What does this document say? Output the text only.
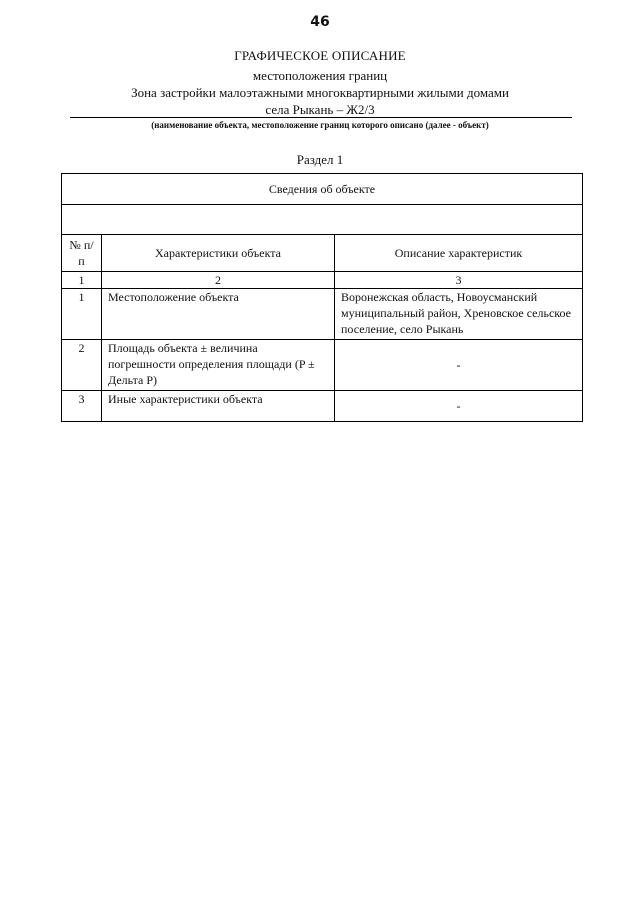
46

ГРАФИЧЕСКОЕ ОПИСАНИЕ

местоположения границ

Зона застройки малоэтажными многоквартирными жилыми домами

села Рыкань – Ж2/3

(наименование объекта, местоположение границ которого описано (далее - объект)
Раздел 1
Сведения об объекте		

№ п/п	Характеристики объекта	Описание характеристик
1	2	3
1	Местоположение объекта	Воронежская область, Новоусманский муниципальный район, Хреновское сельское поселение, село Рыкань
2	Площадь объекта ± величина погрешности определения площади (P ± Дельта P)	-
3	Иные характеристики объекта	-
